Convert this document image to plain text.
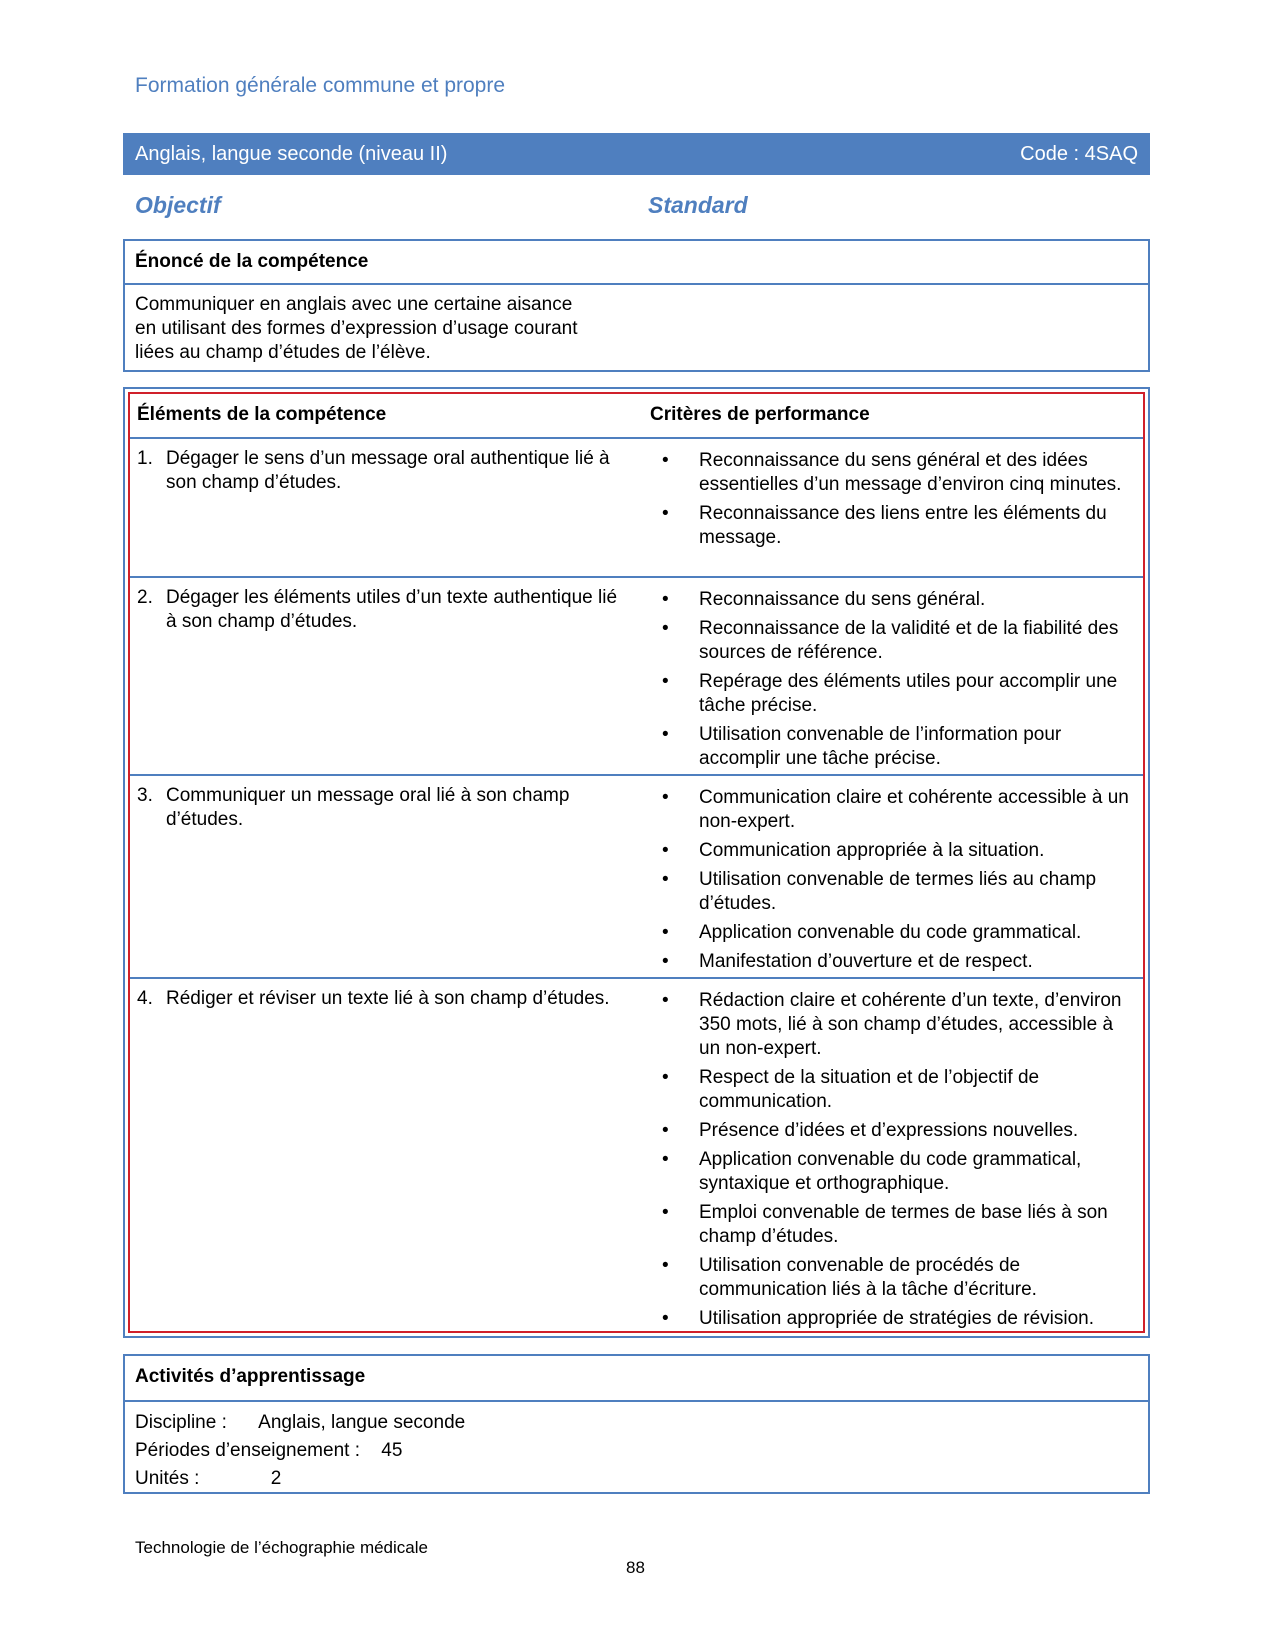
Formation générale commune et propre
Anglais, langue seconde (niveau II)	Code : 4SAQ
Objectif	Standard
Énoncé de la compétence
Communiquer en anglais avec une certaine aisance
en utilisant des formes d’expression d’usage courant
liées au champ d’études de l’élève.
Éléments de la compétence	Critères de performance
1. Dégager le sens d’un message oral authentique lié à son champ d’études.
• Reconnaissance du sens général et des idées essentielles d’un message d’environ cinq minutes.
• Reconnaissance des liens entre les éléments du message.
2. Dégager les éléments utiles d’un texte authentique lié à son champ d’études.
• Reconnaissance du sens général.
• Reconnaissance de la validité et de la fiabilité des sources de référence.
• Repérage des éléments utiles pour accomplir une tâche précise.
• Utilisation convenable de l’information pour accomplir une tâche précise.
3. Communiquer un message oral lié à son champ d’études.
• Communication claire et cohérente accessible à un non-expert.
• Communication appropriée à la situation.
• Utilisation convenable de termes liés au champ d’études.
• Application convenable du code grammatical.
• Manifestation d’ouverture et de respect.
4. Rédiger et réviser un texte lié à son champ d’études.	• Rédaction claire et cohérente d’un texte, d’environ 350 mots, lié à son champ d’études, accessible à un non-expert.
• Respect de la situation et de l’objectif de communication.
• Présence d’idées et d’expressions nouvelles.
• Application convenable du code grammatical, syntaxique et orthographique.
• Emploi convenable de termes de base liés à son champ d’études.
• Utilisation convenable de procédés de communication liés à la tâche d’écriture.
• Utilisation appropriée de stratégies de révision.
Activités d’apprentissage
Discipline : Anglais, langue seconde
Périodes d’enseignement : 45
Unités :	2
Technologie de l’échographie médicale
88
